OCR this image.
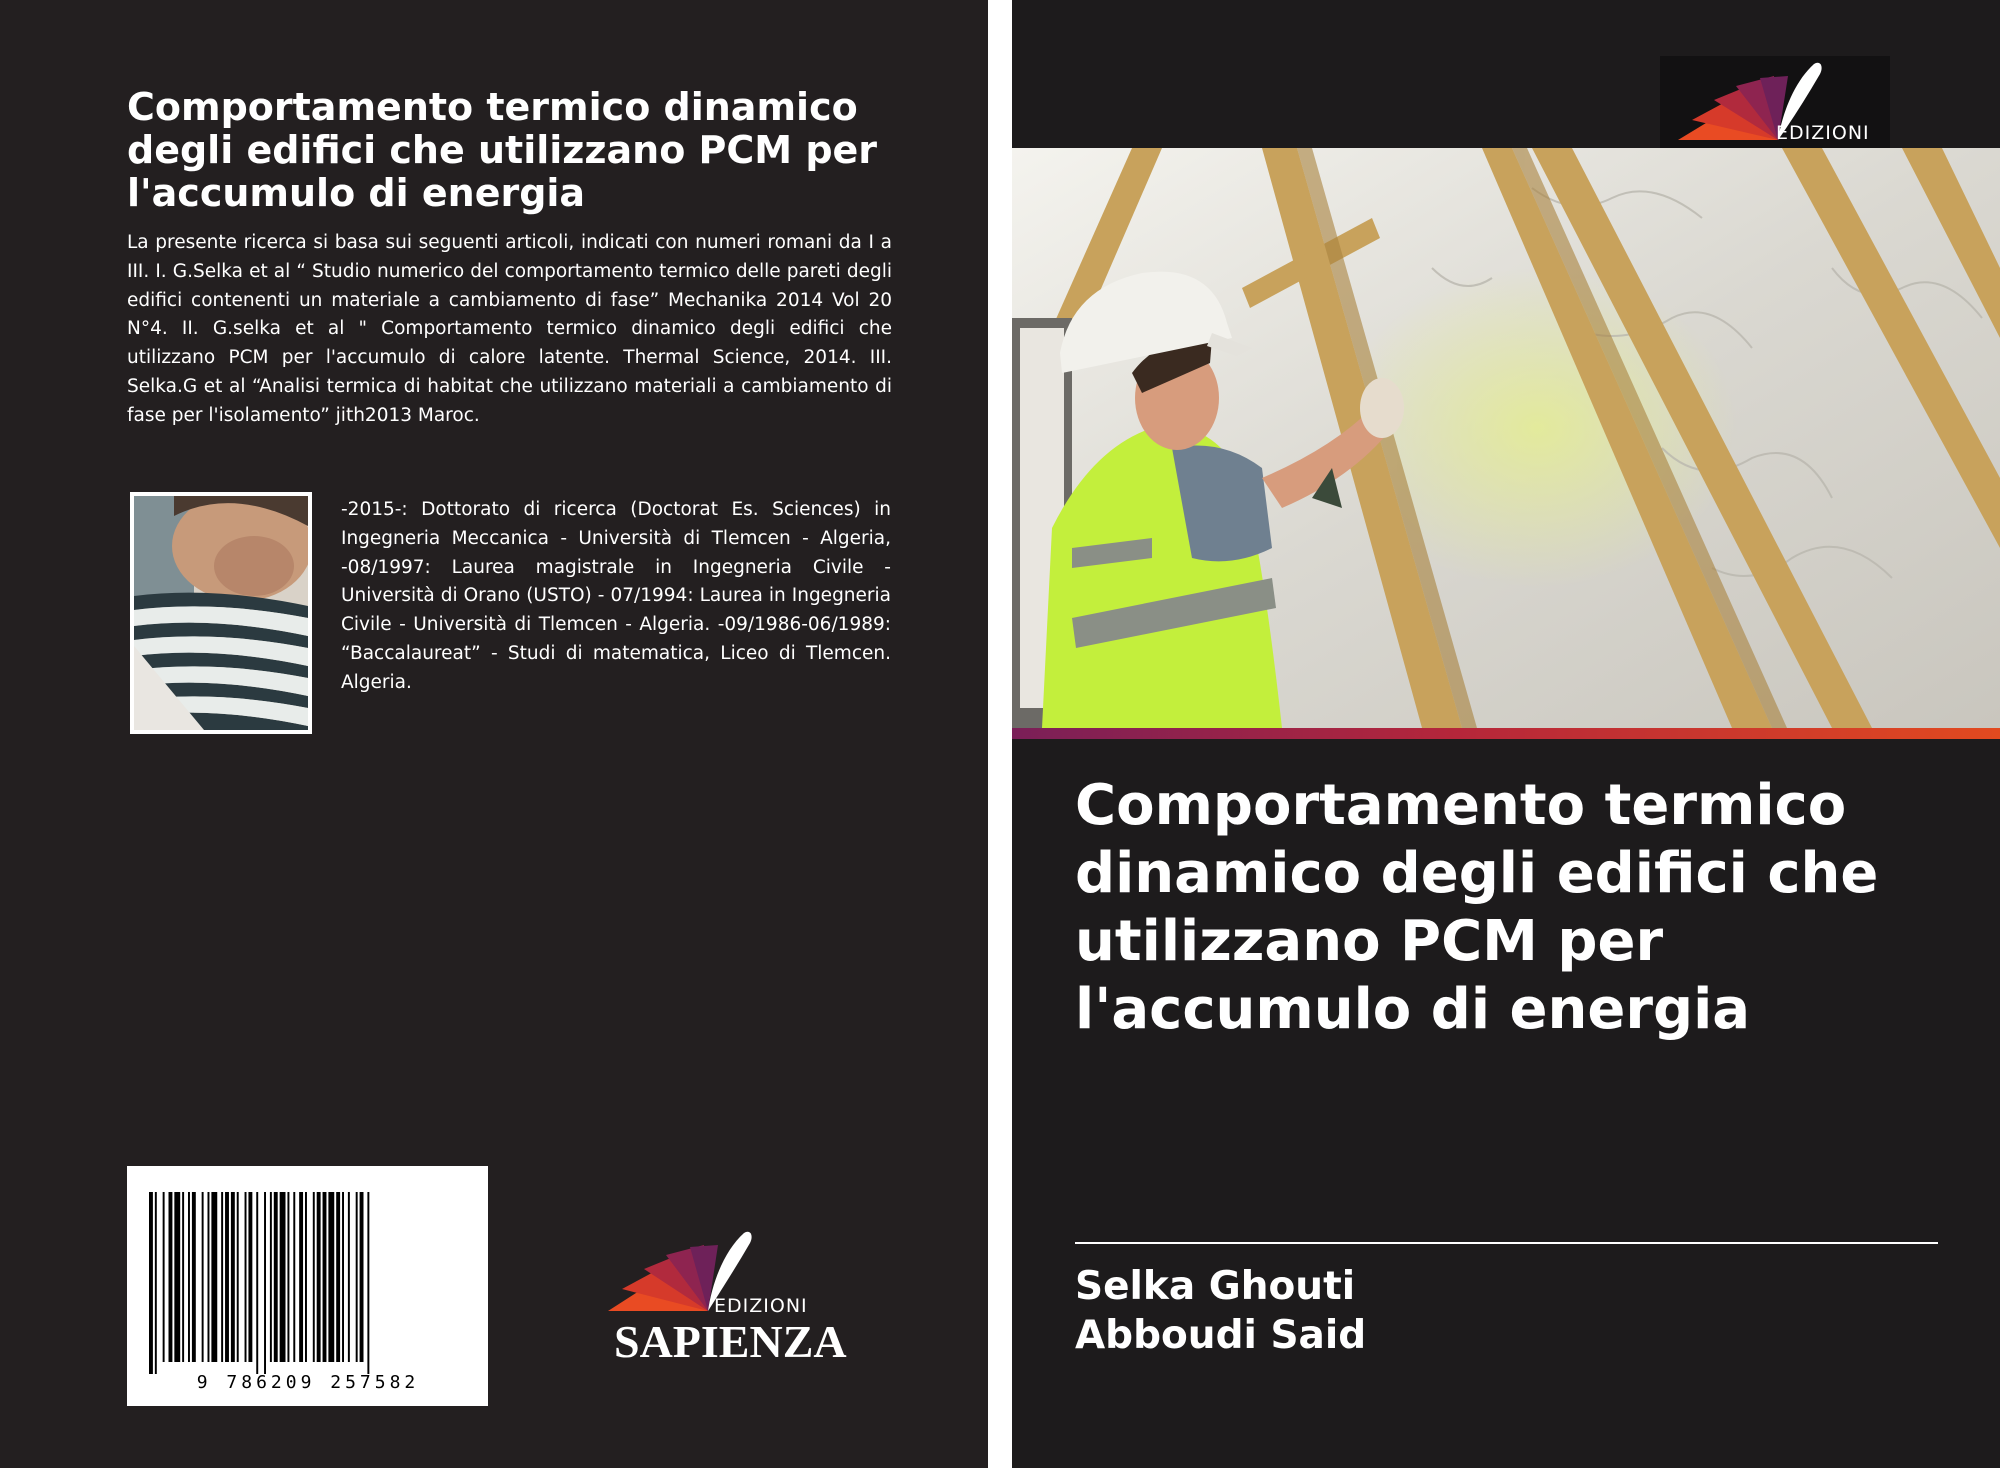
Comportamento termico dinamico degli edifici che utilizzano PCM per l'accumulo di energia

La presente ricerca si basa sui seguenti articoli, indicati con numeri romani da I a III. I. G.Selka et al “ Studio numerico del comportamento termico delle pareti degli edifici contenenti un materiale a cambiamento di fase” Mechanika 2014 Vol 20 N°4. II. G.selka et al " Comportamento termico dinamico degli edifici che utilizzano PCM per l'accumulo di calore latente. Thermal Science, 2014. III. Selka.G et al “Analisi termica di habitat che utilizzano materiali a cambiamento di fase per l'isolamento” jith2013 Maroc.

-2015-: Dottorato di ricerca (Doctorat Es. Sciences) in Ingegneria Meccanica - Università di Tlemcen - Algeria, -08/1997: Laurea magistrale in Ingegneria Civile - Università di Orano (USTO) - 07/1994: Laurea in Ingegneria Civile - Università di Tlemcen - Algeria. -09/1986-06/1989: “Baccalaureat” - Studi di matematica, Liceo di Tlemcen. Algeria.

9 786209 257582
EDIZIONI
SAPIENZA
EDIZIONI
Comportamento termico dinamico degli edifici che utilizzano PCM per l'accumulo di energia

Selka Ghouti

Abboudi Said
